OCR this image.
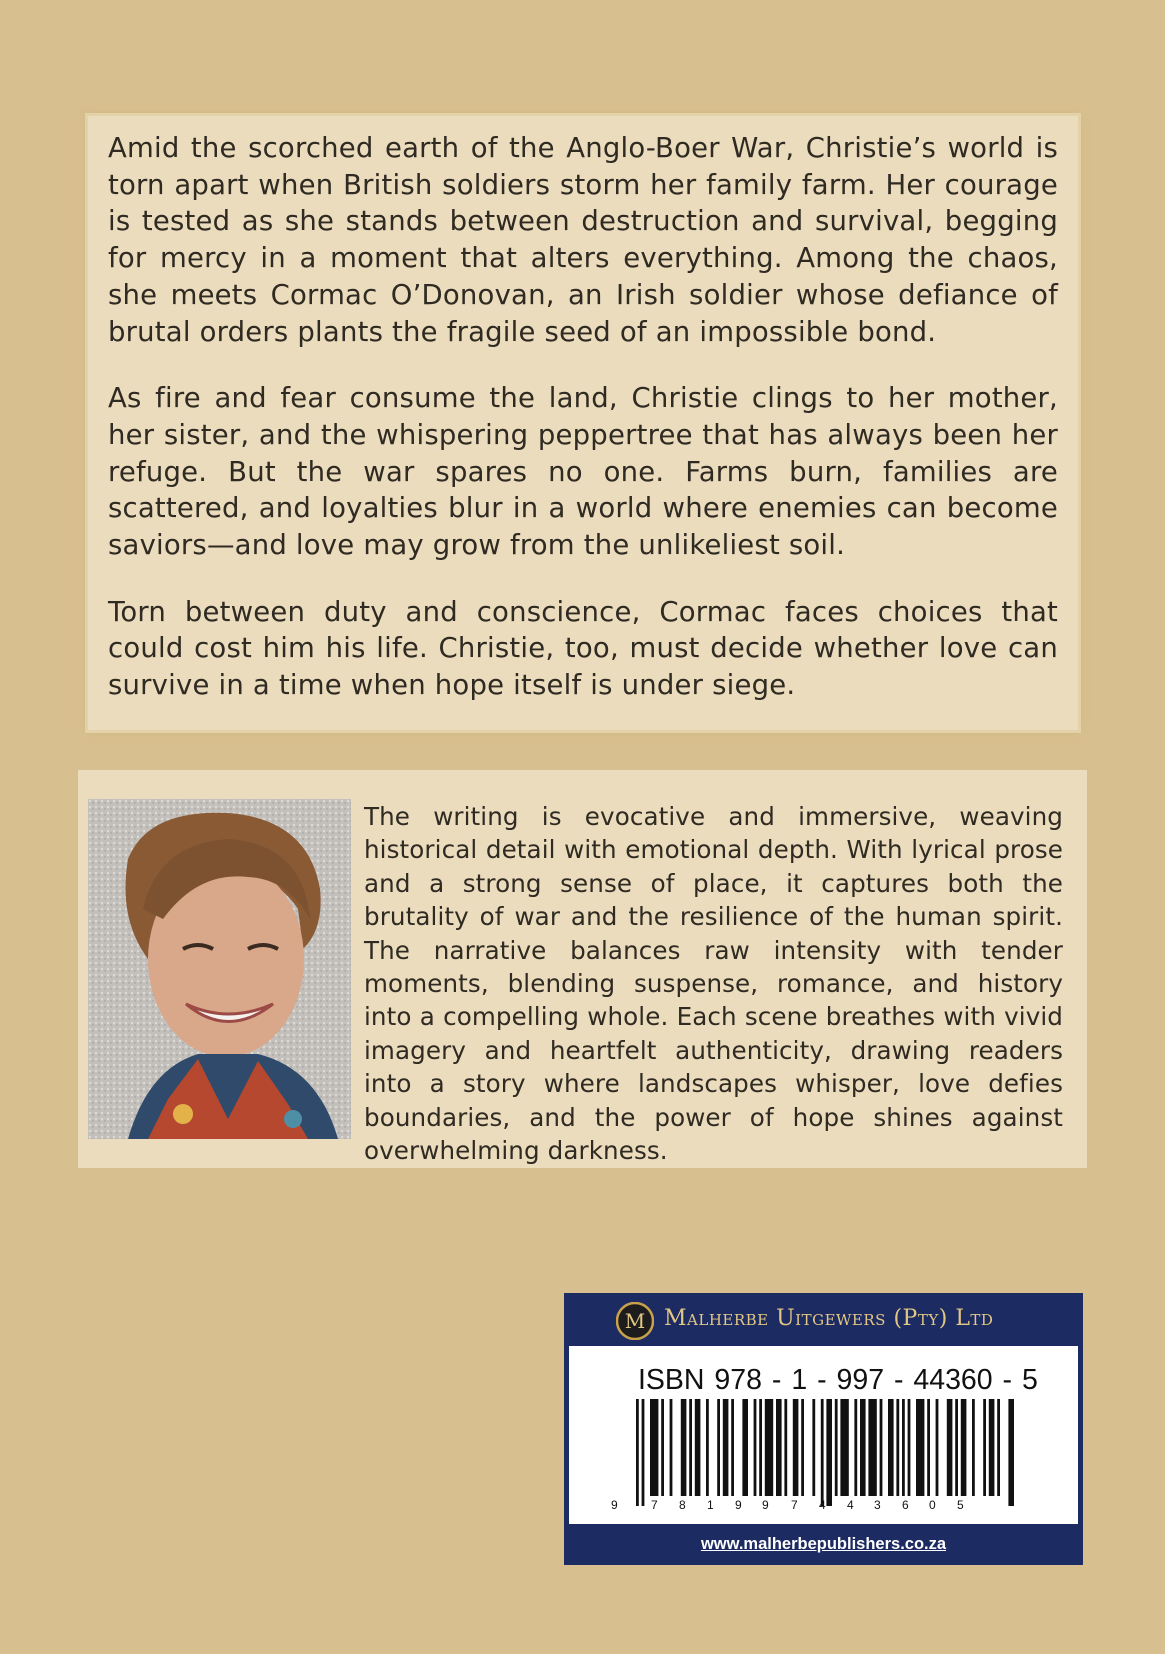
Amid the scorched earth of the Anglo-Boer War, Christie’s world is torn apart when British soldiers storm her family farm. Her courage is tested as she stands between destruction and survival, begging for mercy in a moment that alters everything. Among the chaos, she meets Cormac O’Donovan, an Irish soldier whose defiance of brutal orders plants the fragile seed of an impossible bond.

As fire and fear consume the land, Christie clings to her mother, her sister, and the whispering peppertree that has always been her refuge. But the war spares no one. Farms burn, families are scattered, and loyalties blur in a world where enemies can become saviors—and love may grow from the unlikeliest soil.

Torn between duty and conscience, Cormac faces choices that could cost him his life. Christie, too, must decide whether love can survive in a time when hope itself is under siege.

The writing is evocative and immersive, weaving historical detail with emotional depth. With lyrical prose and a strong sense of place, it captures both the brutality of war and the resilience of the human spirit. The narrative balances raw intensity with tender moments, blending suspense, romance, and history into a compelling whole. Each scene breathes with vivid imagery and heartfelt authenticity, drawing readers into a story where landscapes whisper, love defies boundaries, and the power of hope shines against overwhelming darkness.

M Malherbe Uitgewers (Pty) Ltd
ISBN 978 - 1 - 997 - 44360 - 5
9	7 8 1 9 9 7 4 4 3 6 0 5
www.malherbepublishers.co.za
